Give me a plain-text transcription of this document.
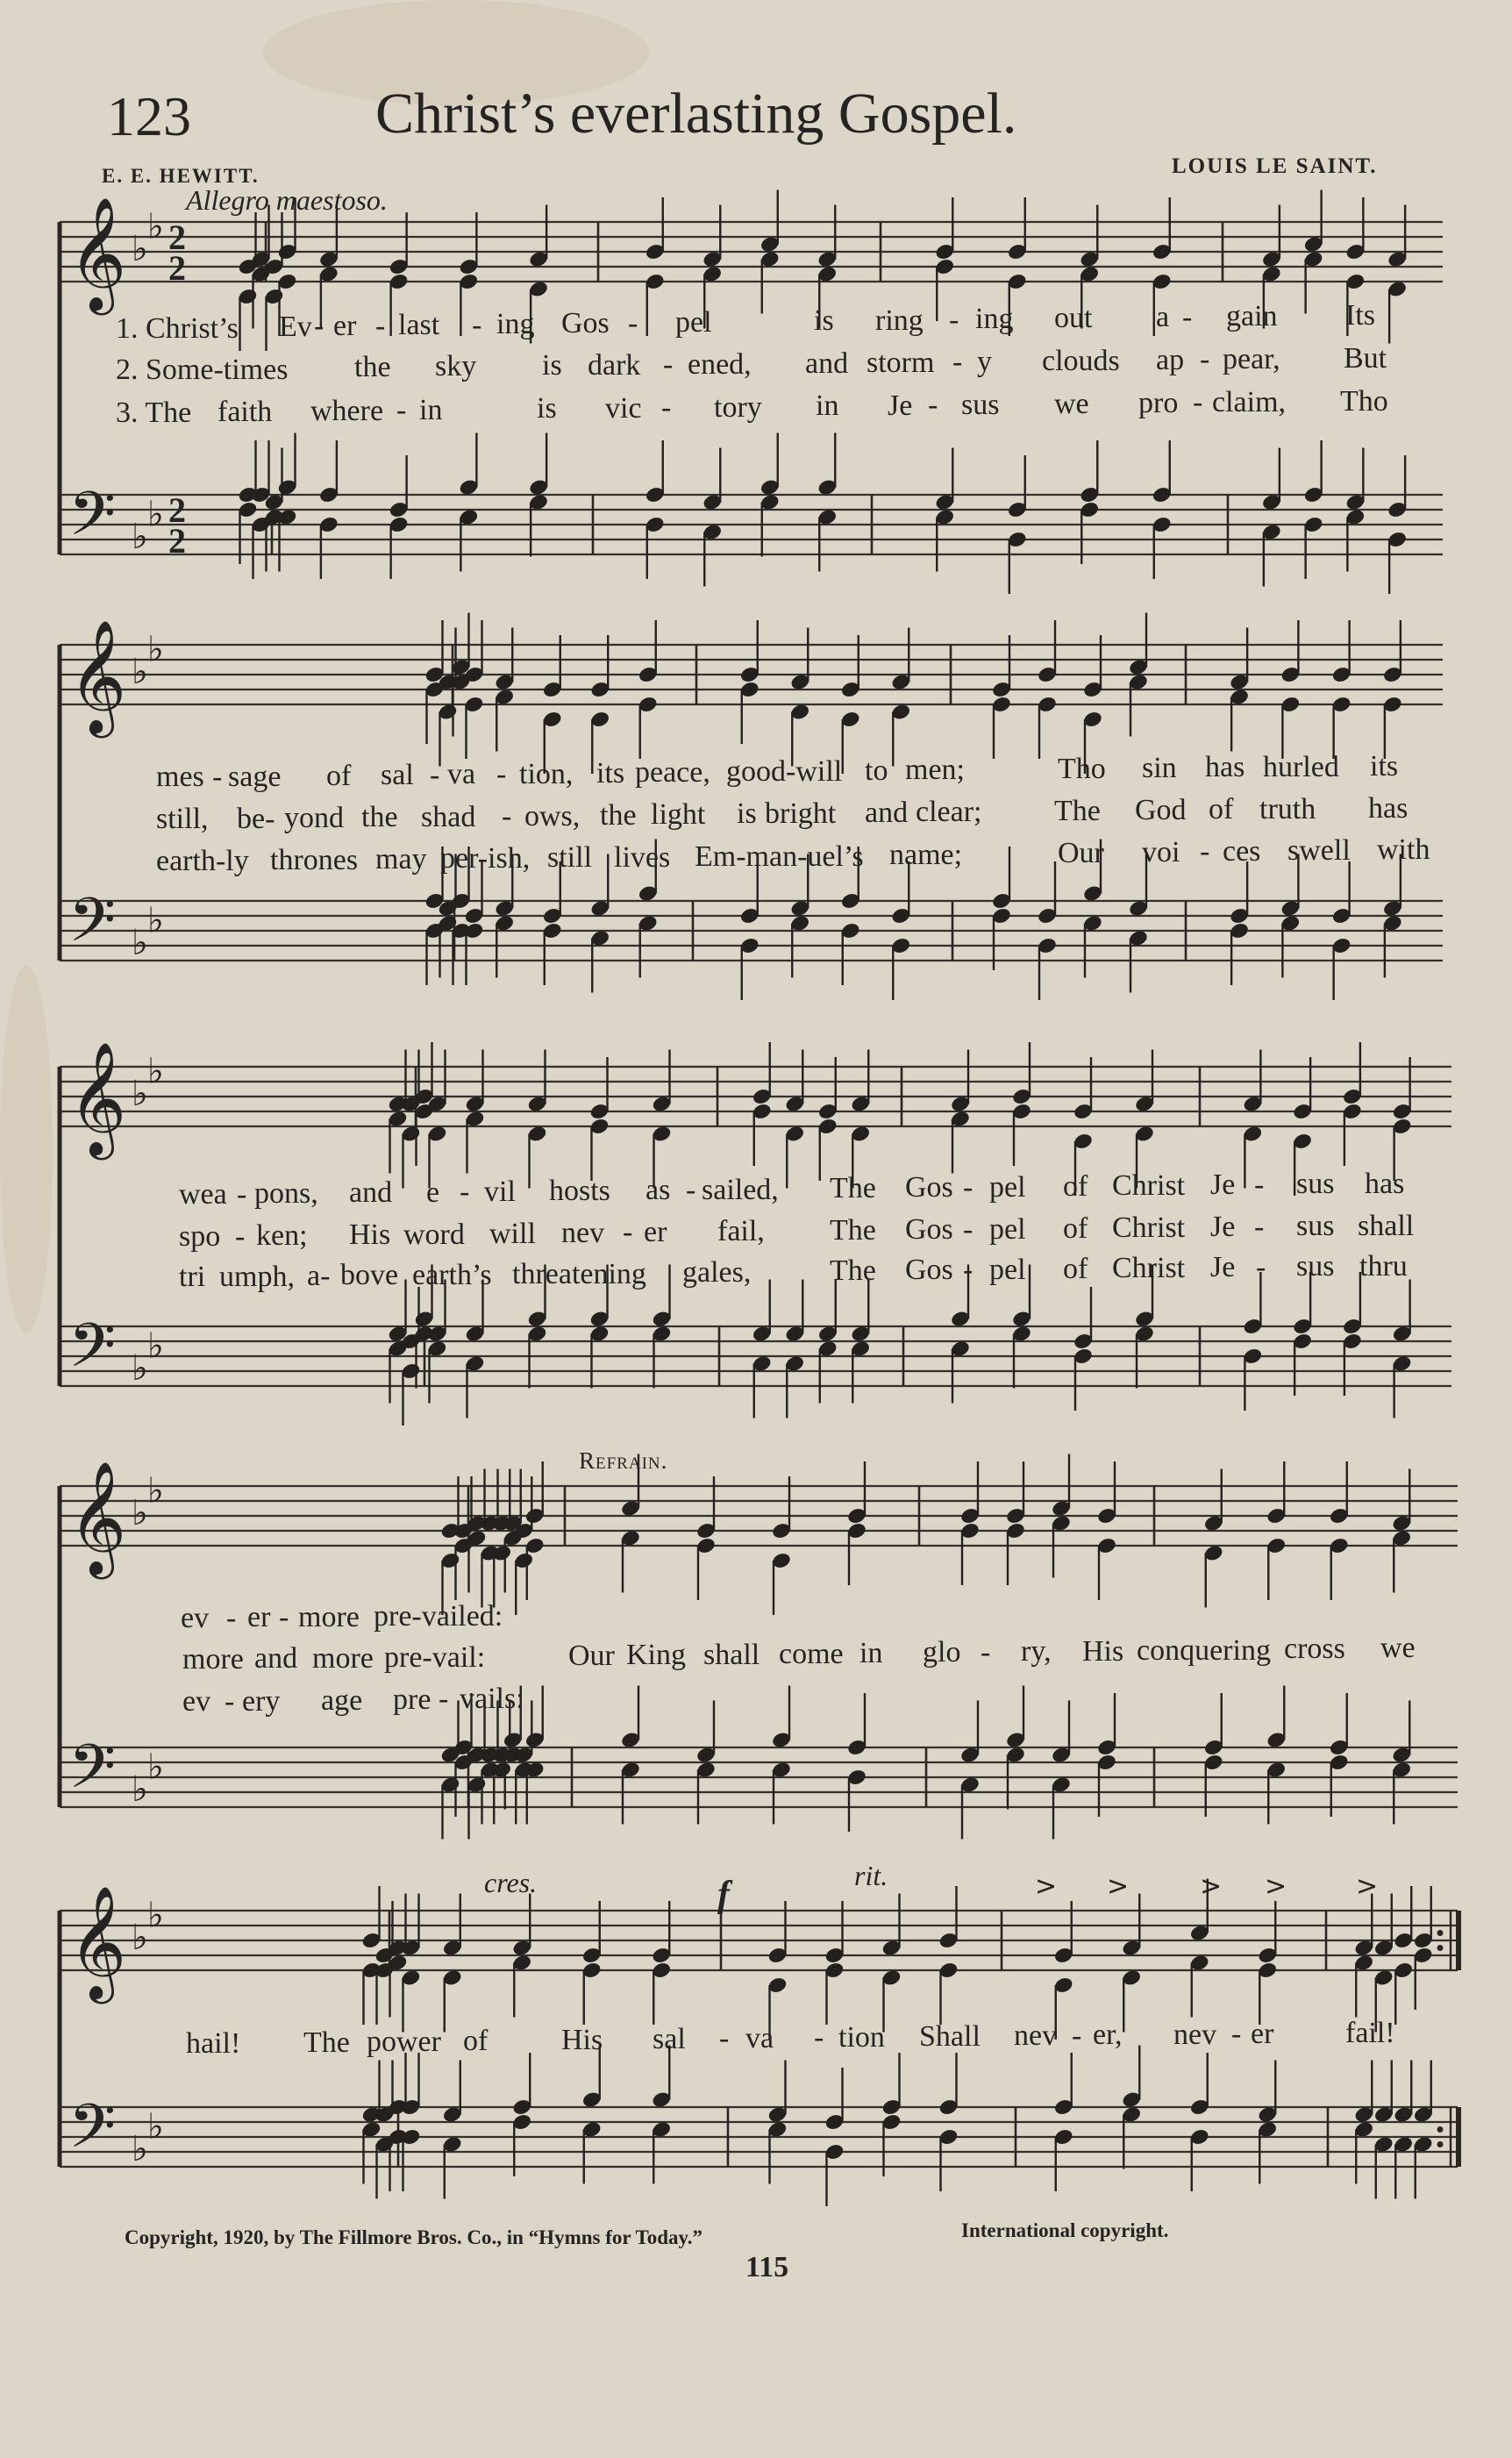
𝄞
𝄢
♭
♭
♭
♭
2
2
2
2
𝄞
𝄢
♭
♭
♭
♭
𝄞
𝄢
♭
♭
♭
♭
𝄞
𝄢
♭
♭
♭
♭
𝄞
𝄢
♭
♭
♭
♭
> >	> >	>
123	Christ’s everlasting Gospel.
E. E. HEWITT.	LOUIS LE SAINT.
Allegro maestoso.
Refrain.
cres.	f	rit.
1. Christ’s Ev - er - last - ing Gos - pel	is ring - ing out a - gain Its
2. Some-times the sky is dark - ened, and storm - y clouds ap - pear, But
3. The faith where - in	is vic - tory in Je - sus we pro - claim, Tho
mes - sage of sal - va - tion, its peace, good-will to men;	Tho sin has hurled its
still, be- yond the shad - ows, the light is bright and clear; The God of truth has
earth-ly thrones may per-ish, still lives Em-man-uel’s name;	Our voi - ces swell with
wea - pons, and e - vil hosts as - sailed, The Gos - pel of Christ Je - sus has
spo - ken; His word will nev - er fail, The Gos - pel of Christ Je - sus shall
tri umph, a- bove earth’s threatening gales,	The Gos - pel of Christ Je - sus thru
ev - er - more pre-vailed:
more and more pre-vail:	Our King shall come in glo - ry, His conquering cross we
ev - ery age pre - vails:
hail! The power of His sal - va - tion Shall nev - er, nev - er fail!
Copyright, 1920, by The Fillmore Bros. Co., in “Hymns for Today.”	International copyright.
115
